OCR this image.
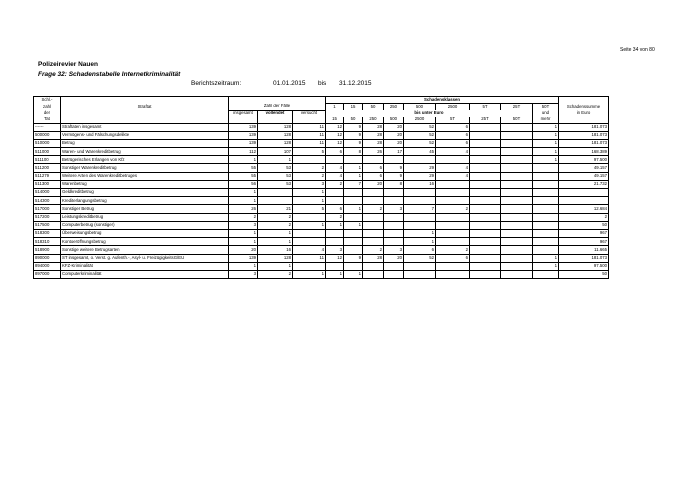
Seite 34 von 80
Polizeirevier Nauen
Frage 32: Schadenstabelle Internetkriminalität
Berichtszeitraum:	01.01.2015 bis 31.12.2015
Schl.-					Schadensklassen									
zahl	Straftat	Zahl der Fälle			1	15	50	250	500	2500	5T	25T	50T	Schadenssumme
der		insgesamt	vollendet	versucht	bis unter Euro								und	in Euro
Tat					15	50	250	500	2500	5T	25T	50T	mehr	
------	Straftaten insgesamt	139	128	11	12	9	28	20	52	6			1	181.073
500000	Vermögens- und Fälschungsdelikte	139	128	11	12	9	28	20	52	6			1	181.073
510000	Betrug	139	128	11	12	9	28	20	52	6			1	181.073
511000	Waren- und Warenkreditbetrug	112	107	5	6	8	26	17	45	4			1	168.389
511100	Betrügerisches Erlangen von Kfz	1	1										1	97.500
511200	Sonstiger Warenkreditbetrug	55	53	2	4	1	6	9	29	4				49.157
511279	Weitere Arten des Warenkreditbetruges	55	53	2	4	1	6	9	29	4				49.157
511300	Warenbetrug	56	53	3	2	7	20	8	16					21.732
514000	Geldkreditbetrug	1		1										
514300	Krediterlangungsbetrug	1		1										
517000	Sonstiger Betrug	26	21	5	6	1	2	3	7	2				12.684
517200	Leistungskreditbetrug	2	2		2									2
517500	Computerbetrug (sonstiger)	3	2	1	1	1								50
518300	Überweisungsbetrug	1	1						1					967
518310	Kontoeröffnungsbetrug	1	1						1					967
518900	Sonstige weitere Betrugsarten	20	16	4	3		2	3	6	2				11.665
890000	ST insgesamt, o. Verst. g. Aufenth.-, Asyl- u. FreizügigkeitsG/EU	139	128	11	12	9	28	20	52	6			1	181.073
894000	KFZ-Kriminalität	1	1										1	97.500
897000	Computerkriminalität	3	2	1	1	1								50
